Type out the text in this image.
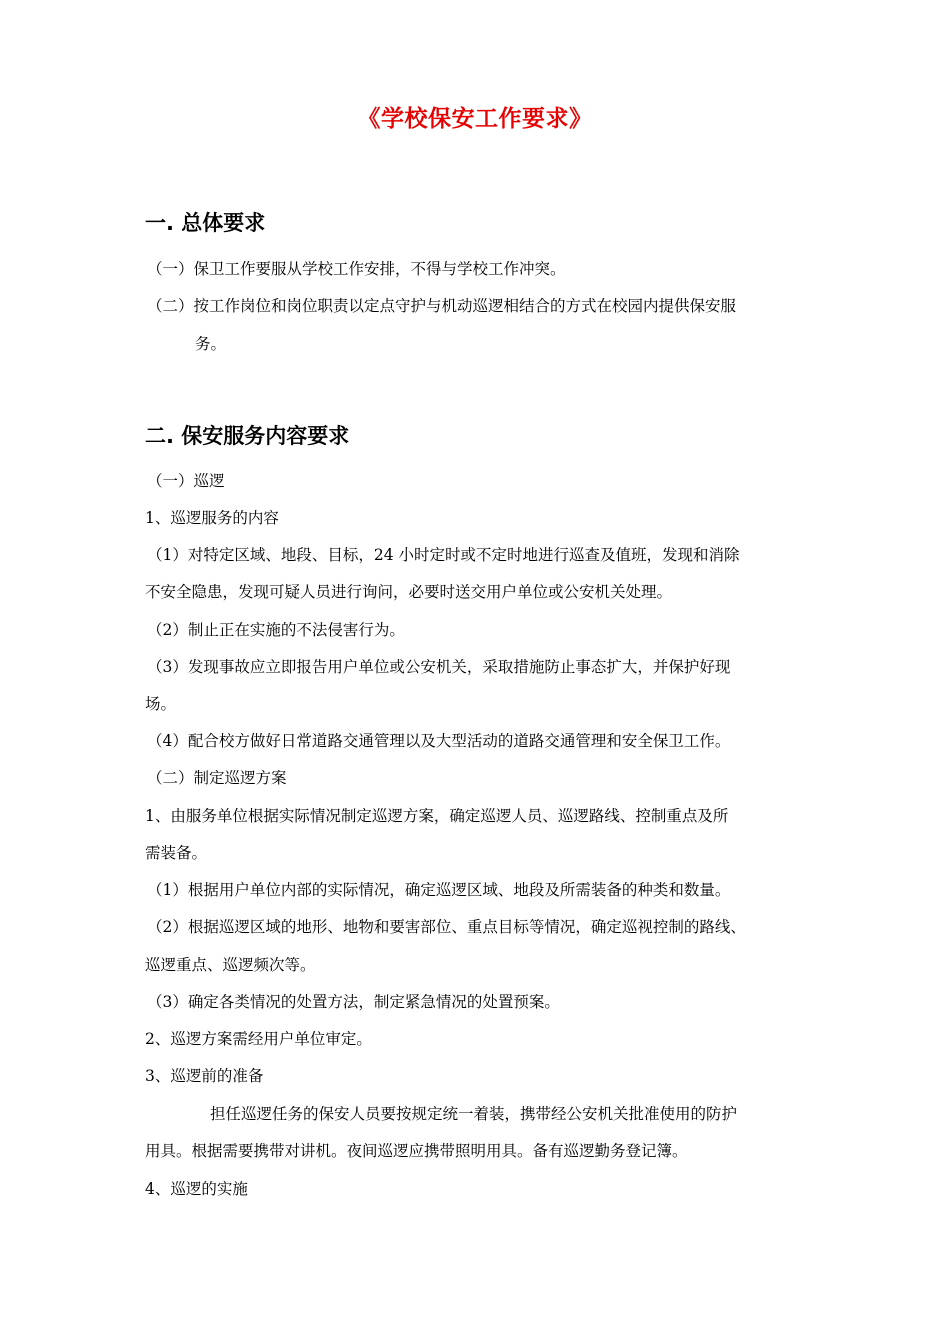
《学校保安工作要求》
一. 总体要求
（一）保卫工作要服从学校工作安排，不得与学校工作冲突。
（二）按工作岗位和岗位职责以定点守护与机动巡逻相结合的方式在校园内提供保安服
务。
二. 保安服务内容要求
（一）巡逻
1、巡逻服务的内容
（1）对特定区域、地段、目标，24 小时定时或不定时地进行巡查及值班，发现和消除
不安全隐患，发现可疑人员进行询问，必要时送交用户单位或公安机关处理。
（2）制止正在实施的不法侵害行为。
（3）发现事故应立即报告用户单位或公安机关，采取措施防止事态扩大，并保护好现
场。
（4）配合校方做好日常道路交通管理以及大型活动的道路交通管理和安全保卫工作。
（二）制定巡逻方案
1、由服务单位根据实际情况制定巡逻方案，确定巡逻人员、巡逻路线、控制重点及所
需装备。
（1）根据用户单位内部的实际情况，确定巡逻区域、地段及所需装备的种类和数量。
（2）根据巡逻区域的地形、地物和要害部位、重点目标等情况，确定巡视控制的路线、
巡逻重点、巡逻频次等。
（3）确定各类情况的处置方法，制定紧急情况的处置预案。
2、巡逻方案需经用户单位审定。
3、巡逻前的准备
担任巡逻任务的保安人员要按规定统一着装，携带经公安机关批准使用的防护
用具。根据需要携带对讲机。夜间巡逻应携带照明用具。备有巡逻勤务登记簿。
4、巡逻的实施
